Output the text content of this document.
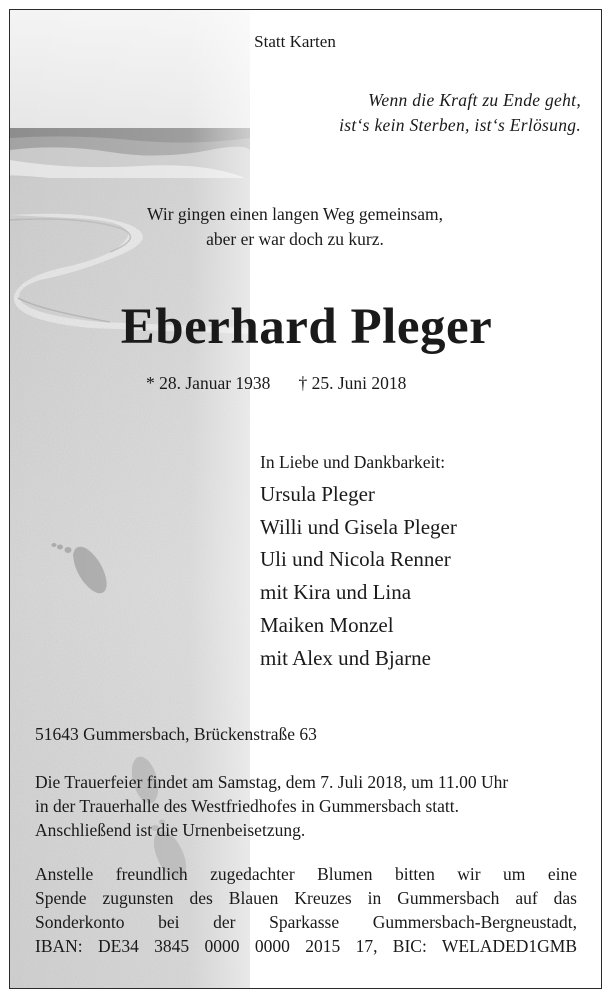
Statt Karten

Wenn die Kraft zu Ende geht,
ist‘s kein Sterben, ist‘s Erlösung.
Wir gingen einen langen Weg gemeinsam,
aber er war doch zu kurz.
Eberhard Pleger
* 28. Januar 1938 † 25. Juni 2018
In Liebe und Dankbarkeit:
Ursula Pleger
Willi und Gisela Pleger
Uli und Nicola Renner
mit Kira und Lina
Maiken Monzel
mit Alex und Bjarne

51643 Gummersbach, Brückenstraße 63

Die Trauerfeier findet am Samstag, dem 7. Juli 2018, um 11.00 Uhr
in der Trauerhalle des Westfriedhofes in Gummersbach statt.
Anschließend ist die Urnenbeisetzung.
Anstelle freundlich zugedachter Blumen bitten wir um eine
Spende zugunsten des Blauen Kreuzes in Gummersbach auf das
Sonderkonto bei der Sparkasse Gummersbach-Bergneustadt,
IBAN: DE34 3845 0000 0000 2015 17, BIC: WELADED1GMB
